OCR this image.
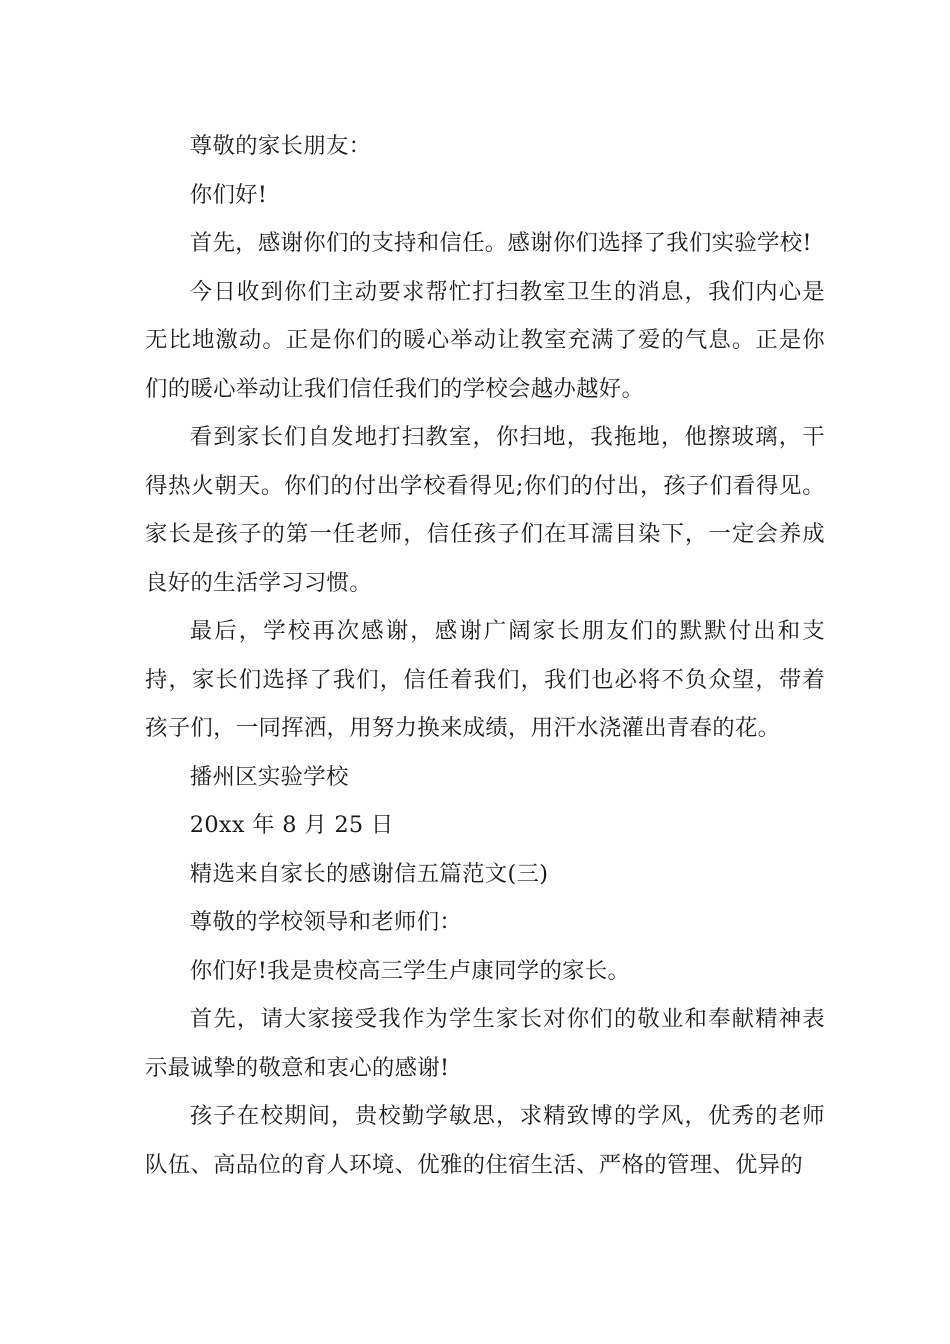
尊敬的家长朋友：

你们好!

首先，感谢你们的支持和信任。感谢你们选择了我们实验学校!

今日收到你们主动要求帮忙打扫教室卫生的消息，我们内心是无比地激动。正是你们的暖心举动让教室充满了爱的气息。正是你们的暖心举动让我们信任我们的学校会越办越好。

看到家长们自发地打扫教室，你扫地，我拖地，他擦玻璃，干得热火朝天。你们的付出学校看得见;你们的付出，孩子们看得见。家长是孩子的第一任老师，信任孩子们在耳濡目染下，一定会养成良好的生活学习习惯。

最后，学校再次感谢，感谢广阔家长朋友们的默默付出和支持，家长们选择了我们，信任着我们，我们也必将不负众望，带着孩子们，一同挥洒，用努力换来成绩，用汗水浇灌出青春的花。

播州区实验学校

20xx 年 8 月 25 日

精选来自家长的感谢信五篇范文(三)

尊敬的学校领导和老师们：

你们好!我是贵校高三学生卢康同学的家长。

首先，请大家接受我作为学生家长对你们的敬业和奉献精神表示最诚挚的敬意和衷心的感谢!

孩子在校期间，贵校勤学敏思，求精致博的学风，优秀的老师队伍、高品位的育人环境、优雅的住宿生活、严格的管理、优异的
